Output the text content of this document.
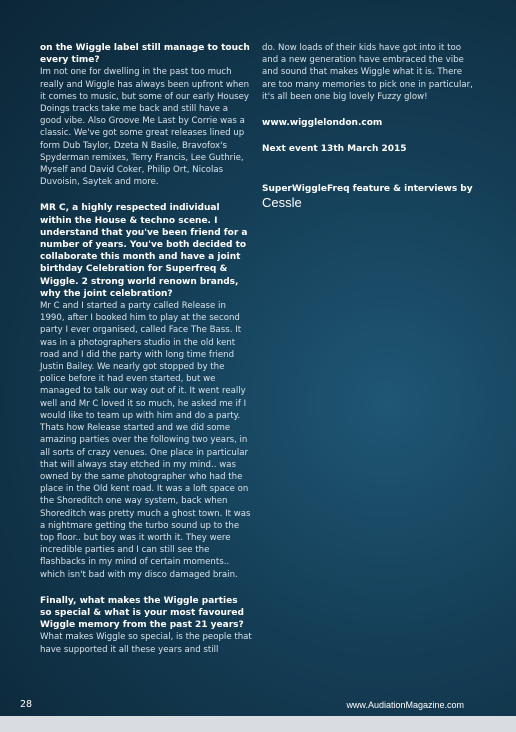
on the Wiggle label still manage to touch every time?

Im not one for dwelling in the past too much really and Wiggle has always been upfront when it comes to music, but some of our early Housey Doings tracks take me back and still have a good vibe. Also Groove Me Last by Corrie was a classic. We've got some great releases lined up form Dub Taylor, Dzeta N Basile, Bravofox's Spyderman remixes, Terry Francis, Lee Guthrie, Myself and David Coker, Philip Ort, Nicolas Duvoisin, Saytek and more.

MR C, a highly respected individual within the House & techno scene. I understand that you've been friend for a number of years. You've both decided to collaborate this month and have a joint birthday Celebration for Superfreq & Wiggle. 2 strong world renown brands, why the joint celebration?

Mr C and I started a party called Release in 1990, after I booked him to play at the second party I ever organised, called Face The Bass. It was in a photographers studio in the old kent road and I did the party with long time friend Justin Bailey. We nearly got stopped by the police before it had even started, but we managed to talk our way out of it. It went really well and Mr C loved it so much, he asked me if I would like to team up with him and do a party. Thats how Release started and we did some amazing parties over the following two years, in all sorts of crazy venues. One place in particular that will always stay etched in my mind.. was owned by the same photographer who had the place in the Old kent road. It was a loft space on the Shoreditch one way system, back when Shoreditch was pretty much a ghost town. It was a nightmare getting the turbo sound up to the top floor.. but boy was it worth it. They were incredible parties and I can still see the flashbacks in my mind of certain moments.. which isn't bad with my disco damaged brain.

Finally, what makes the Wiggle parties so special & what is your most favoured Wiggle memory from the past 21 years?

What makes Wiggle so special, is the people that have supported it all these years and still

do. Now loads of their kids have got into it too and a new generation have embraced the vibe and sound that makes Wiggle what it is. There are too many memories to pick one in particular, it's all been one big lovely Fuzzy glow!

www.wigglelondon.com

Next event 13th March 2015

SuperWiggleFreq feature & interviews by

Cessle

28	www.AudiationMagazine.com
